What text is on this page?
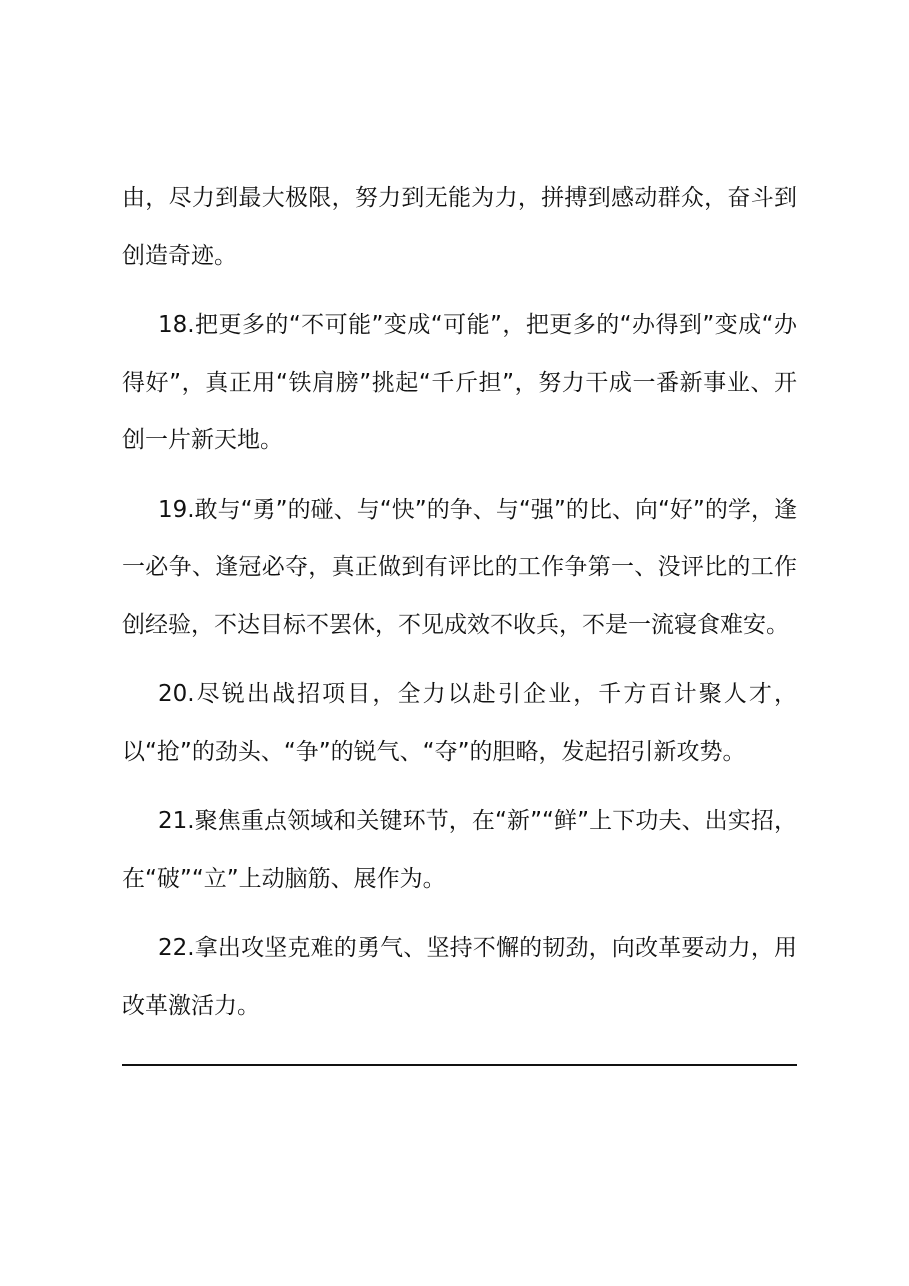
由，尽力到最大极限，努力到无能为力，拼搏到感动群众，奋斗到创造奇迹。

18.把更多的“不可能”变成“可能”，把更多的“办得到”变成“办得好”，真正用“铁肩膀”挑起“千斤担”，努力干成一番新事业、开创一片新天地。

19.敢与“勇”的碰、与“快”的争、与“强”的比、向“好”的学，逢一必争、逢冠必夺，真正做到有评比的工作争第一、没评比的工作创经验，不达目标不罢休，不见成效不收兵，不是一流寝食难安。

20.尽锐出战招项目，全力以赴引企业，千方百计聚人才，以“抢”的劲头、“争”的锐气、“夺”的胆略，发起招引新攻势。

21.聚焦重点领域和关键环节，在“新”“鲜”上下功夫、出实招，在“破”“立”上动脑筋、展作为。

22.拿出攻坚克难的勇气、坚持不懈的韧劲，向改革要动力，用改革激活力。
